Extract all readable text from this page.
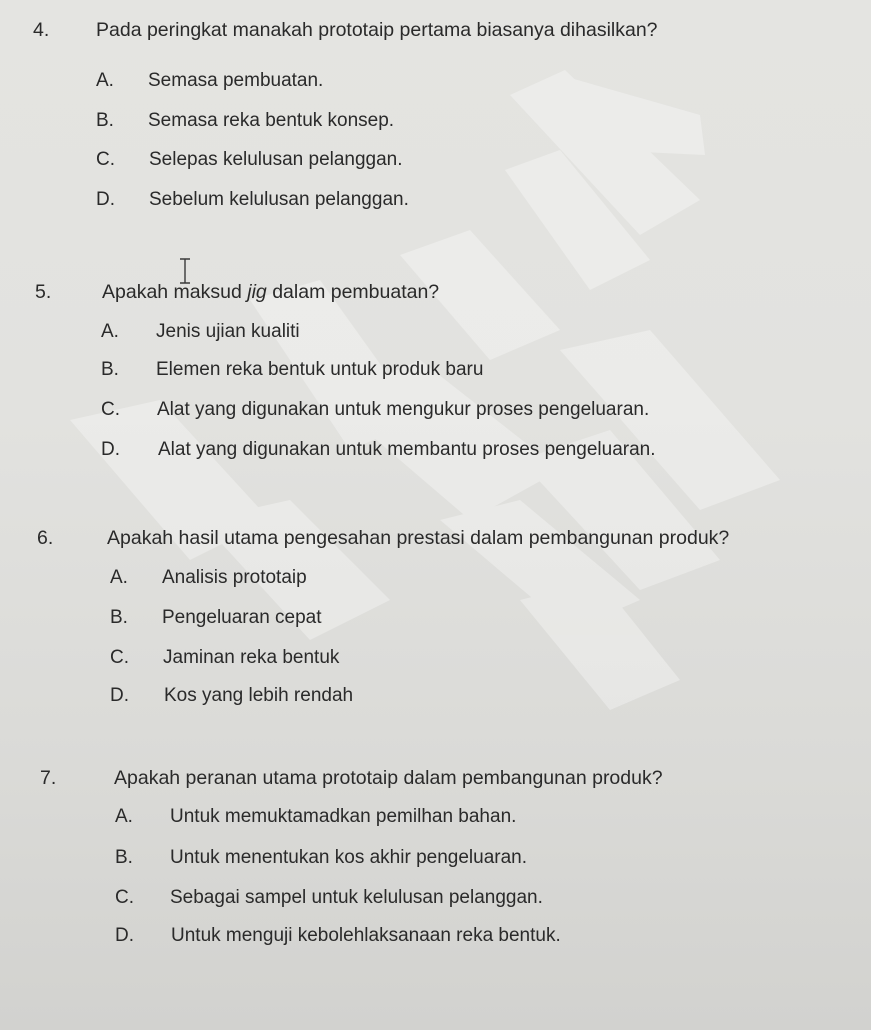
4. Pada peringkat manakah prototaip pertama biasanya dihasilkan?
A. Semasa pembuatan.
B. Semasa reka bentuk konsep.
C. Selepas kelulusan pelanggan.
D. Sebelum kelulusan pelanggan.
5.	Apakah maksud jig dalam pembuatan?
A. Jenis ujian kualiti
B. Elemen reka bentuk untuk produk baru
C. Alat yang digunakan untuk mengukur proses pengeluaran.
D. Alat yang digunakan untuk membantu proses pengeluaran.
6.	Apakah hasil utama pengesahan prestasi dalam pembangunan produk?
A. Analisis prototaip
B. Pengeluaran cepat
C. Jaminan reka bentuk
D. Kos yang lebih rendah
7.	Apakah peranan utama prototaip dalam pembangunan produk?
A. Untuk memuktamadkan pemilhan bahan.
B. Untuk menentukan kos akhir pengeluaran.
C. Sebagai sampel untuk kelulusan pelanggan.
D. Untuk menguji kebolehlaksanaan reka bentuk.
